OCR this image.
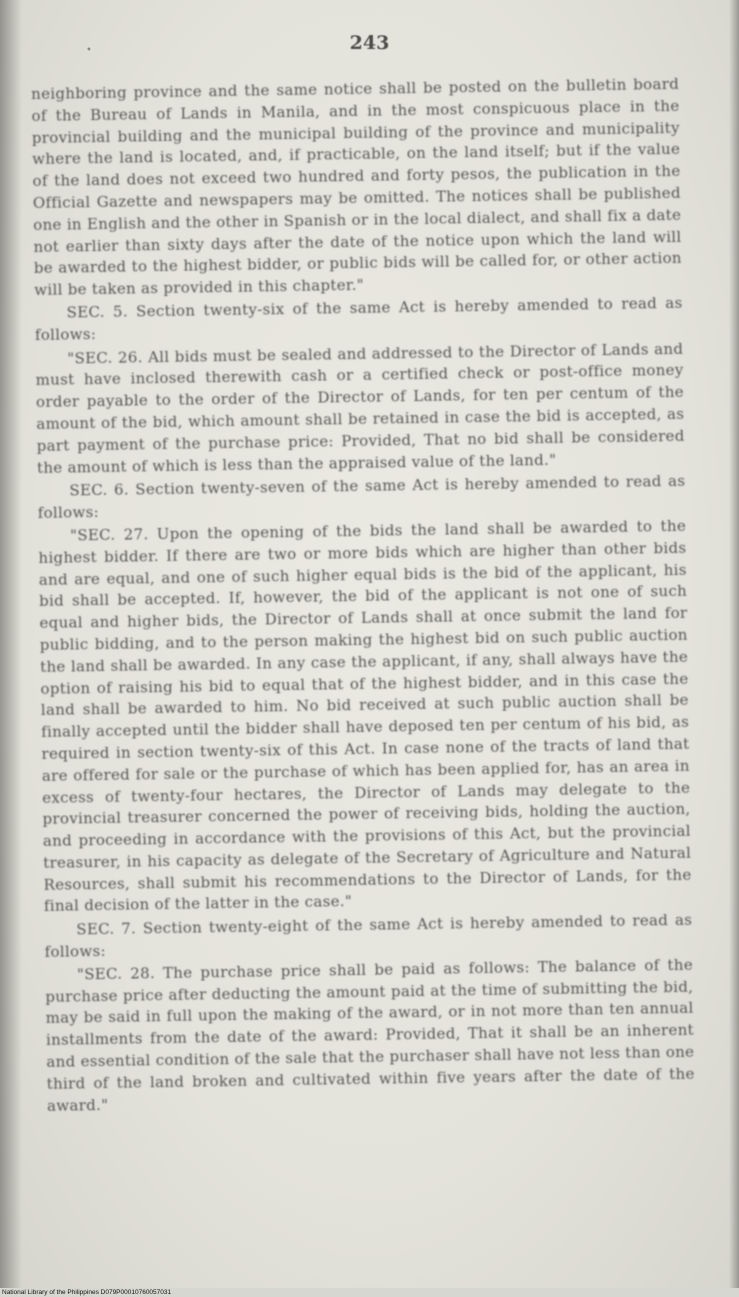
•	243

neighboring province and the same notice shall be posted on the bulletin board of the Bureau of Lands in Manila, and in the most conspicuous place in the provincial building and the municipal building of the province and municipality where the land is located, and, if practicable, on the land itself; but if the value of the land does not exceed two hundred and forty pesos, the publication in the Official Gazette and newspapers may be omitted. The notices shall be published one in English and the other in Spanish or in the local dialect, and shall fix a date not earlier than sixty days after the date of the notice upon which the land will be awarded to the highest bidder, or public bids will be called for, or other action will be taken as provided in this chapter."

SEC. 5. Section twenty-six of the same Act is hereby amended to read as follows:

"SEC. 26. All bids must be sealed and addressed to the Director of Lands and must have inclosed therewith cash or a certified check or post-office money order payable to the order of the Director of Lands, for ten per centum of the amount of the bid, which amount shall be retained in case the bid is accepted, as part payment of the purchase price: Provided, That no bid shall be considered the amount of which is less than the appraised value of the land."

SEC. 6. Section twenty-seven of the same Act is hereby amended to read as follows:

"SEC. 27. Upon the opening of the bids the land shall be awarded to the highest bidder. If there are two or more bids which are higher than other bids and are equal, and one of such higher equal bids is the bid of the applicant, his bid shall be accepted. If, however, the bid of the applicant is not one of such equal and higher bids, the Director of Lands shall at once submit the land for public bidding, and to the person making the highest bid on such public auction the land shall be awarded. In any case the applicant, if any, shall always have the option of raising his bid to equal that of the highest bidder, and in this case the land shall be awarded to him. No bid received at such public auction shall be finally accepted until the bidder shall have deposed ten per centum of his bid, as required in section twenty-six of this Act. In case none of the tracts of land that are offered for sale or the purchase of which has been applied for, has an area in excess of twenty-four hectares, the Director of Lands may delegate to the provincial treasurer concerned the power of receiving bids, holding the auction, and proceeding in accordance with the provisions of this Act, but the provincial treasurer, in his capacity as delegate of the Secretary of Agriculture and Natural Resources, shall submit his recommendations to the Director of Lands, for the final decision of the latter in the case."

SEC. 7. Section twenty-eight of the same Act is hereby amended to read as follows:

"SEC. 28. The purchase price shall be paid as follows: The balance of the purchase price after deducting the amount paid at the time of submitting the bid, may be said in full upon the making of the award, or in not more than ten annual installments from the date of the award: Provided, That it shall be an inherent and essential condition of the sale that the purchaser shall have not less than one third of the land broken and cultivated within five years after the date of the award."

National Library of the Philippines D079P00010760057031
